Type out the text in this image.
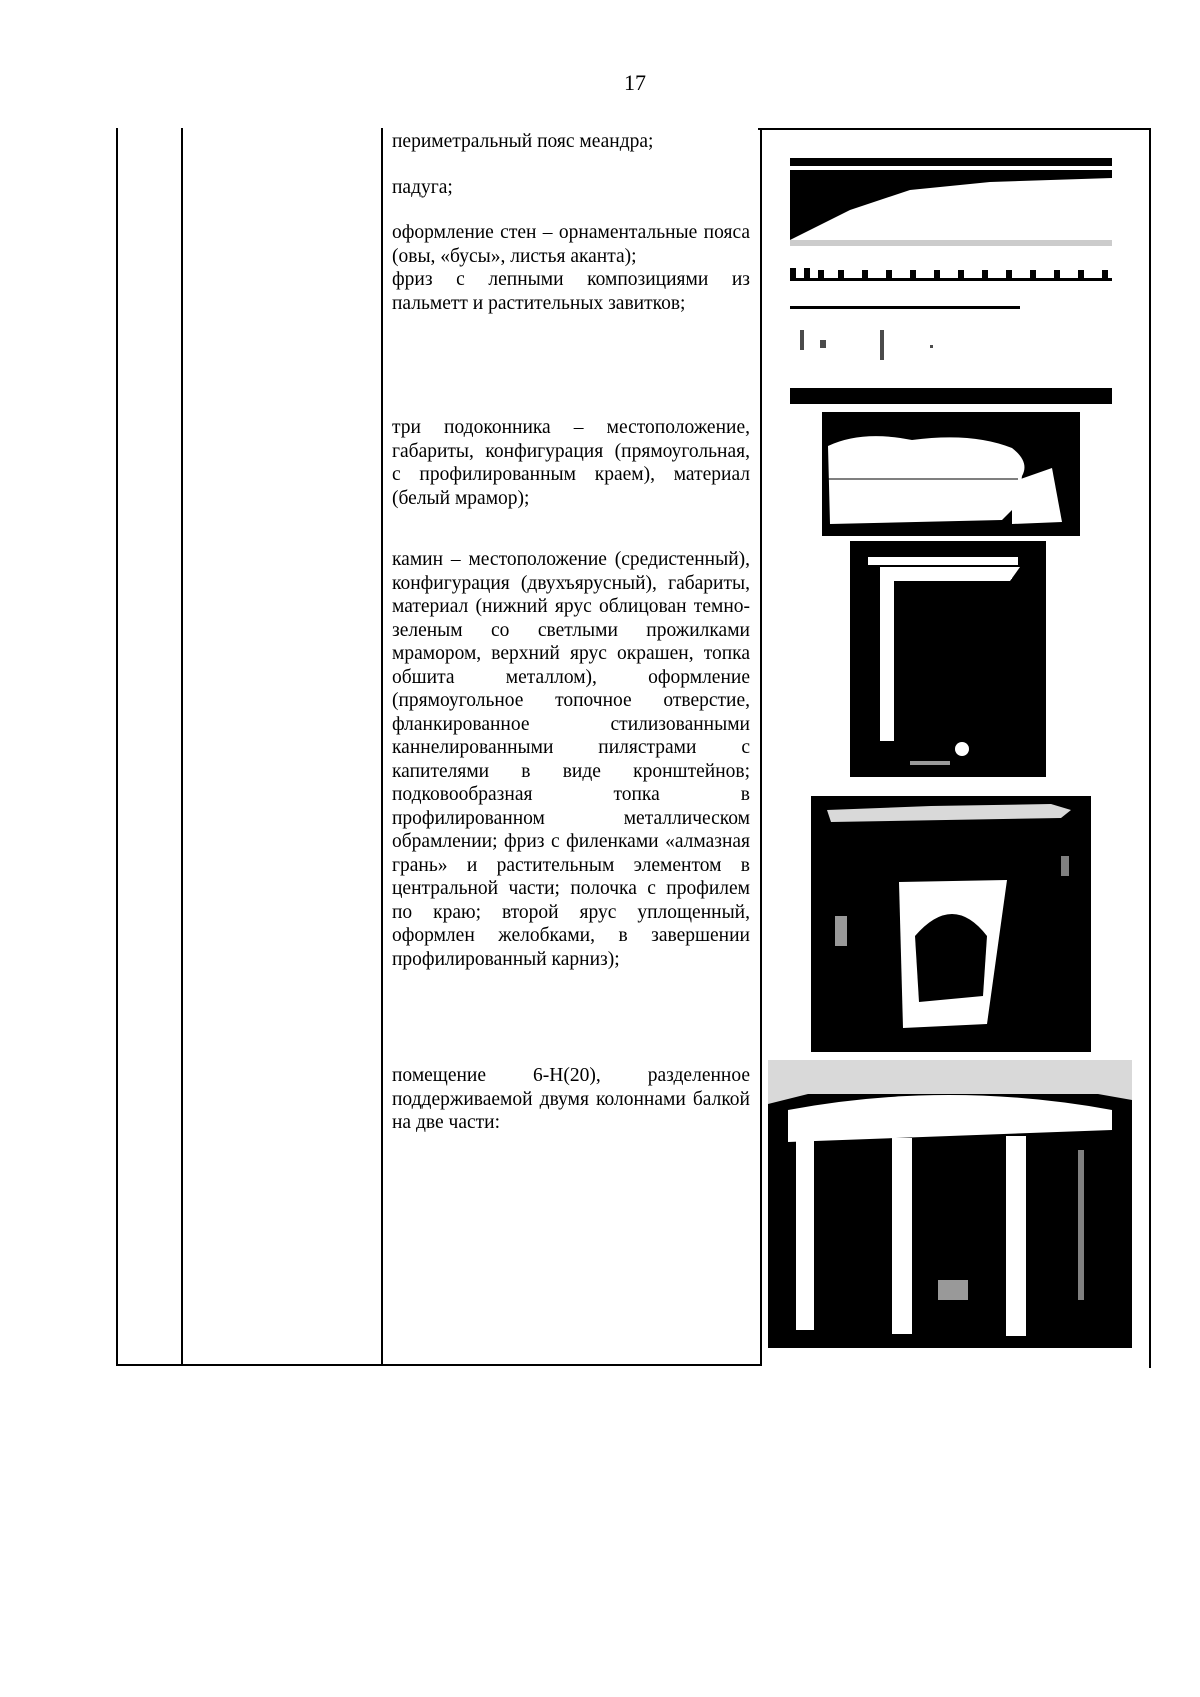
17

периметральный пояс меандра;

падуга;

оформление стен – орнаментальные пояса (овы, «бусы», листья аканта);

фриз с лепными композициями из пальметт и растительных завитков;

три подоконника – местоположение, габариты, конфигурация (прямоугольная, с профилированным краем), материал (белый мрамор);

камин – местоположение (средистенный), конфигурация (двухъярусный), габариты, материал (нижний ярус облицован темно-зеленым со светлыми прожилками мрамором, верхний ярус окрашен, топка обшита металлом), оформление (прямоугольное топочное отверстие, фланкированное стилизованными каннелированными пилястрами с капителями в виде кронштейнов; подковообразная топка в профилированном металлическом обрамлении; фриз с филенками «алмазная грань» и растительным элементом в центральной части; полочка с профилем по краю; второй ярус уплощенный, оформлен желобками, в завершении профилированный карниз);

помещение 6-Н(20), разделенное поддерживаемой двумя колоннами балкой на две части:
